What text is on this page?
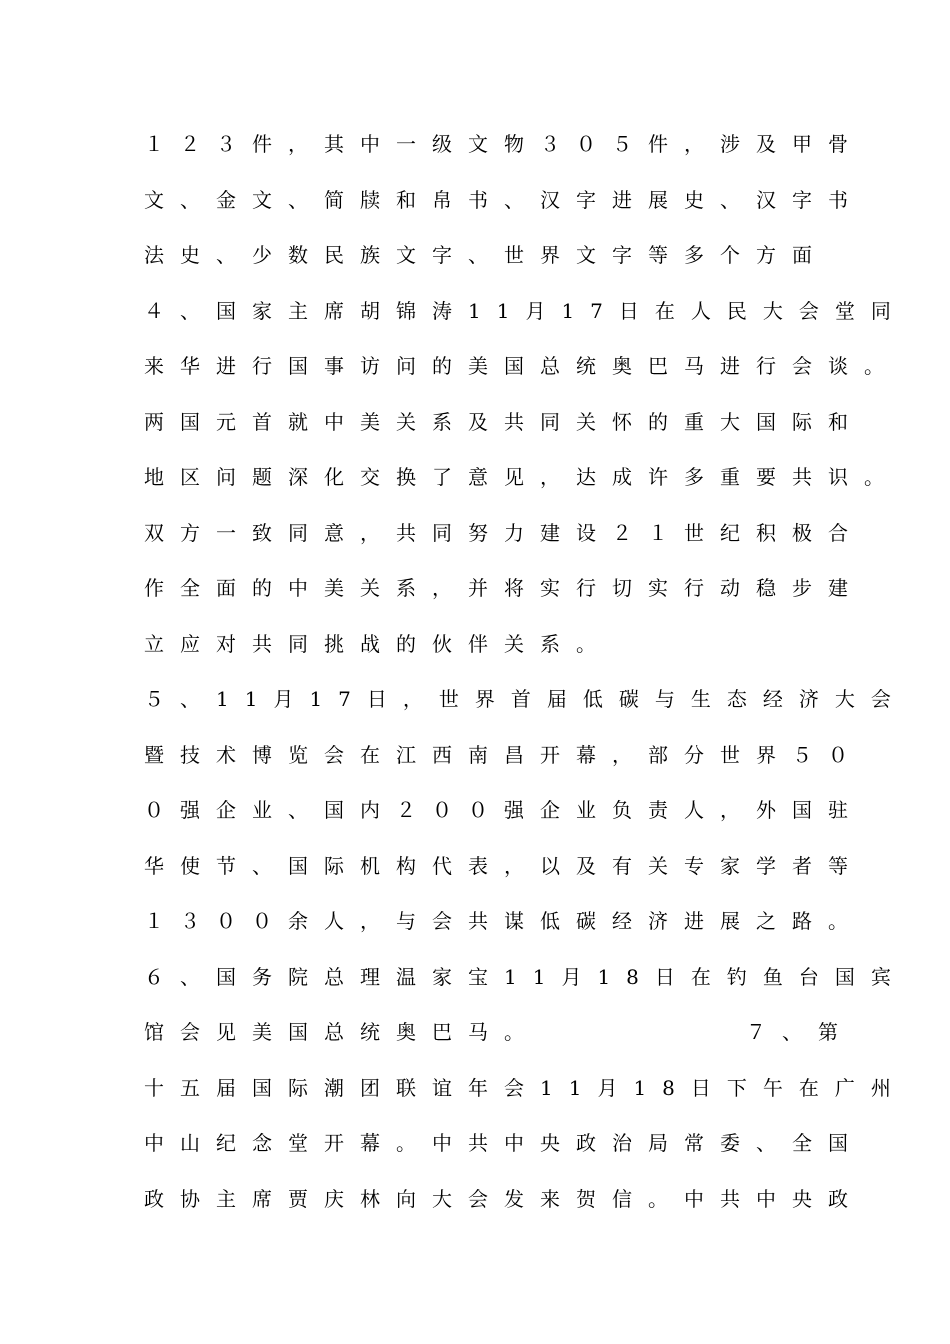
１２３件，其中一级文物３０５件，涉及甲骨
文、金文、简牍和帛书、汉字进展史、汉字书
法史、少数民族文字、世界文字等多个方面
４、国家主席胡锦涛11月17日在人民大会堂同
来华进行国事访问的美国总统奥巴马进行会谈。
两国元首就中美关系及共同关怀的重大国际和
地区问题深化交换了意见，达成许多重要共识。
双方一致同意，共同努力建设２１世纪积极合
作全面的中美关系，并将实行切实行动稳步建
立应对共同挑战的伙伴关系。
５、11月17日，世界首届低碳与生态经济大会
暨技术博览会在江西南昌开幕，部分世界５０
０强企业、国内２００强企业负责人，外国驻
华使节、国际机构代表，以及有关专家学者等
１３００余人，与会共谋低碳经济进展之路。
６、国务院总理温家宝11月18日在钓鱼台国宾
馆会见美国总统奥巴马。　　　　　　７、第
十五届国际潮团联谊年会11月18日下午在广州
中山纪念堂开幕。中共中央政治局常委、全国
政协主席贾庆林向大会发来贺信。中共中央政
